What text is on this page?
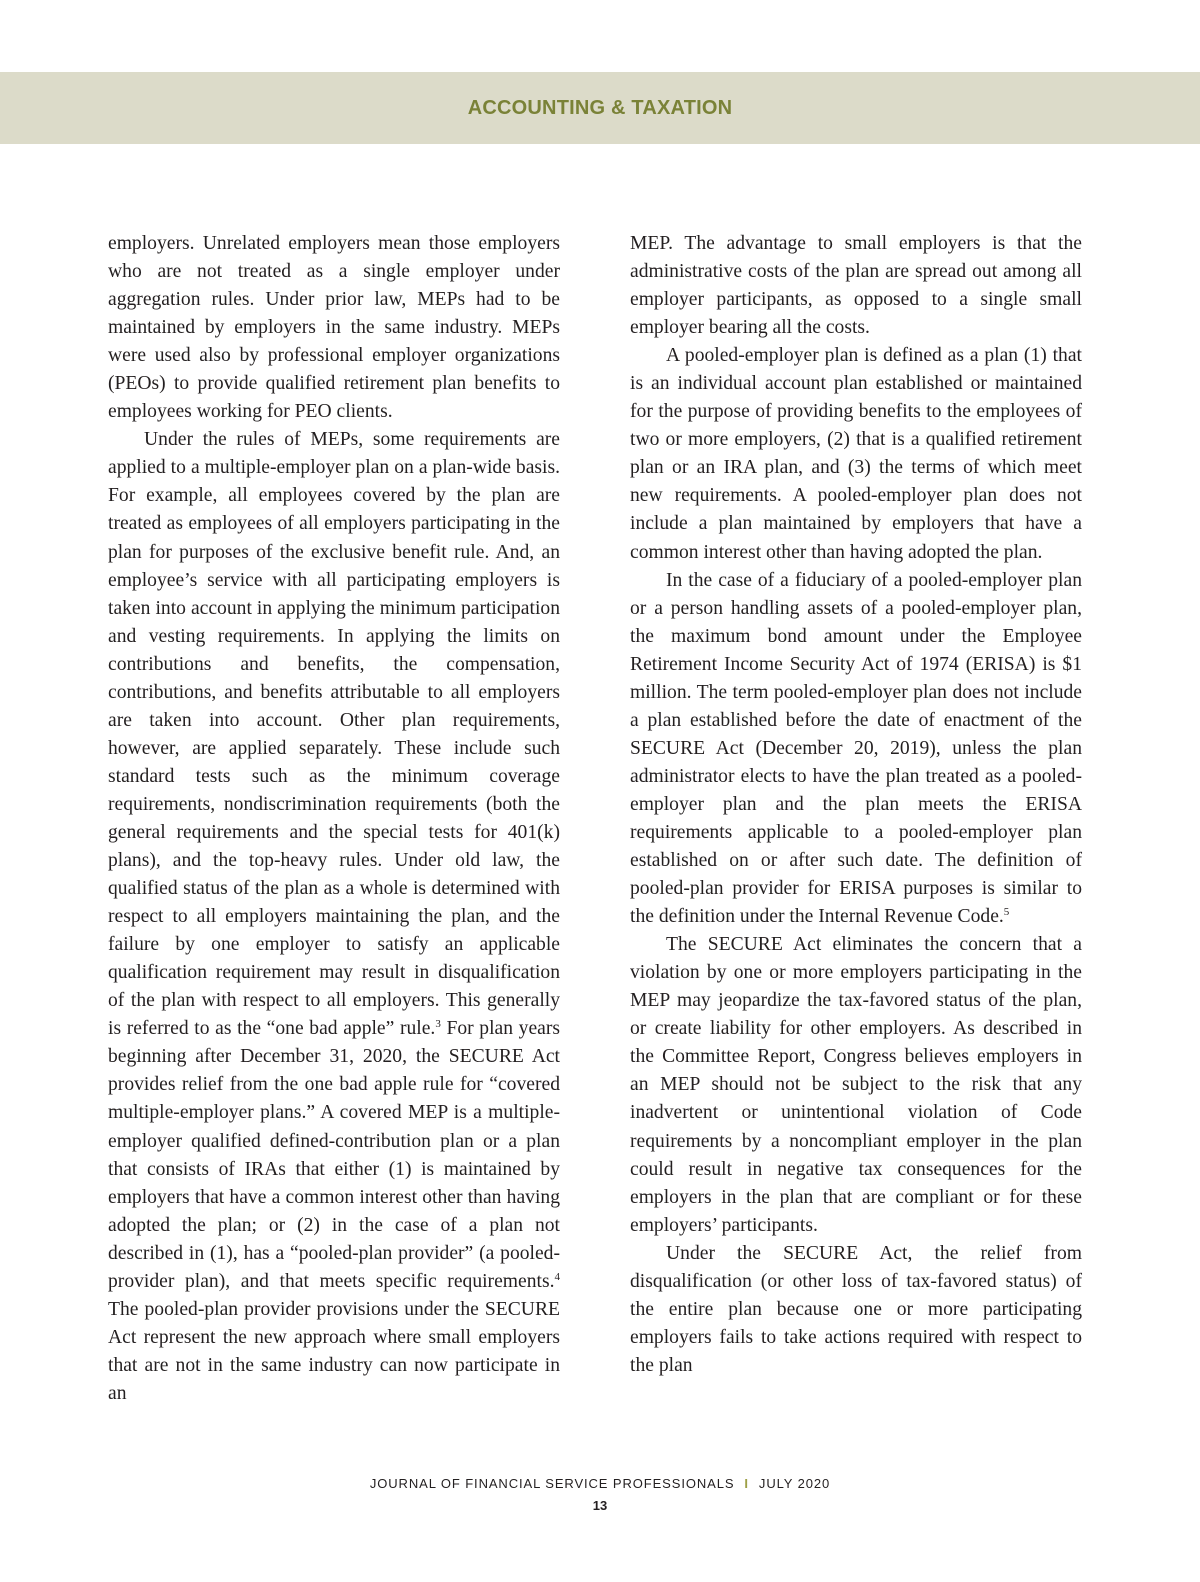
ACCOUNTING & TAXATION

employers. Unrelated employers mean those employers who are not treated as a single employer under aggregation rules. Under prior law, MEPs had to be maintained by employers in the same industry. MEPs were used also by professional employer organizations (PEOs) to provide qualified retirement plan benefits to employees working for PEO clients.

Under the rules of MEPs, some requirements are applied to a multiple-employer plan on a plan-wide basis. For example, all employees covered by the plan are treated as employees of all employers participating in the plan for purposes of the exclusive benefit rule. And, an employee’s service with all participating employers is taken into account in applying the minimum participation and vesting requirements. In applying the limits on contributions and benefits, the compensation, contributions, and benefits attributable to all employers are taken into account. Other plan requirements, however, are applied separately. These include such standard tests such as the minimum coverage requirements, nondiscrimination requirements (both the general requirements and the special tests for 401(k) plans), and the top-heavy rules. Under old law, the qualified status of the plan as a whole is determined with respect to all employers maintaining the plan, and the failure by one employer to satisfy an applicable qualification requirement may result in disqualification of the plan with respect to all employers. This generally is referred to as the “one bad apple” rule.$^3$ For plan years beginning after December 31, 2020, the SECURE Act provides relief from the one bad apple rule for “covered multiple-employer plans.” A covered MEP is a multiple-employer qualified defined-contribution plan or a plan that consists of IRAs that either (1) is maintained by employers that have a common interest other than having adopted the plan; or (2) in the case of a plan not described in (1), has a “pooled-plan provider” (a pooled-provider plan), and that meets specific requirements.$^4$ The pooled-plan provider provisions under the SECURE Act represent the new approach where small employers that are not in the same industry can now participate in an

MEP. The advantage to small employers is that the administrative costs of the plan are spread out among all employer participants, as opposed to a single small employer bearing all the costs.

A pooled-employer plan is defined as a plan (1) that is an individual account plan established or maintained for the purpose of providing benefits to the employees of two or more employers, (2) that is a qualified retirement plan or an IRA plan, and (3) the terms of which meet new requirements. A pooled-employer plan does not include a plan maintained by employers that have a common interest other than having adopted the plan.

In the case of a fiduciary of a pooled-employer plan or a person handling assets of a pooled-employer plan, the maximum bond amount under the Employee Retirement Income Security Act of 1974 (ERISA) is $1 million. The term pooled-employer plan does not include a plan established before the date of enactment of the SECURE Act (December 20, 2019), unless the plan administrator elects to have the plan treated as a pooled-employer plan and the plan meets the ERISA requirements applicable to a pooled-employer plan established on or after such date. The definition of pooled-plan provider for ERISA purposes is similar to the definition under the Internal Revenue Code.$^5$

The SECURE Act eliminates the concern that a violation by one or more employers participating in the MEP may jeopardize the tax-favored status of the plan, or create liability for other employers. As described in the Committee Report, Congress believes employers in an MEP should not be subject to the risk that any inadvertent or unintentional violation of Code requirements by a noncompliant employer in the plan could result in negative tax consequences for the employers in the plan that are compliant or for these employers’ participants.

Under the SECURE Act, the relief from disqualification (or other loss of tax-favored status) of the entire plan because one or more participating employers fails to take actions required with respect to the plan

JOURNAL OF FINANCIAL SERVICE PROFESSIONALS I JULY 2020
13
